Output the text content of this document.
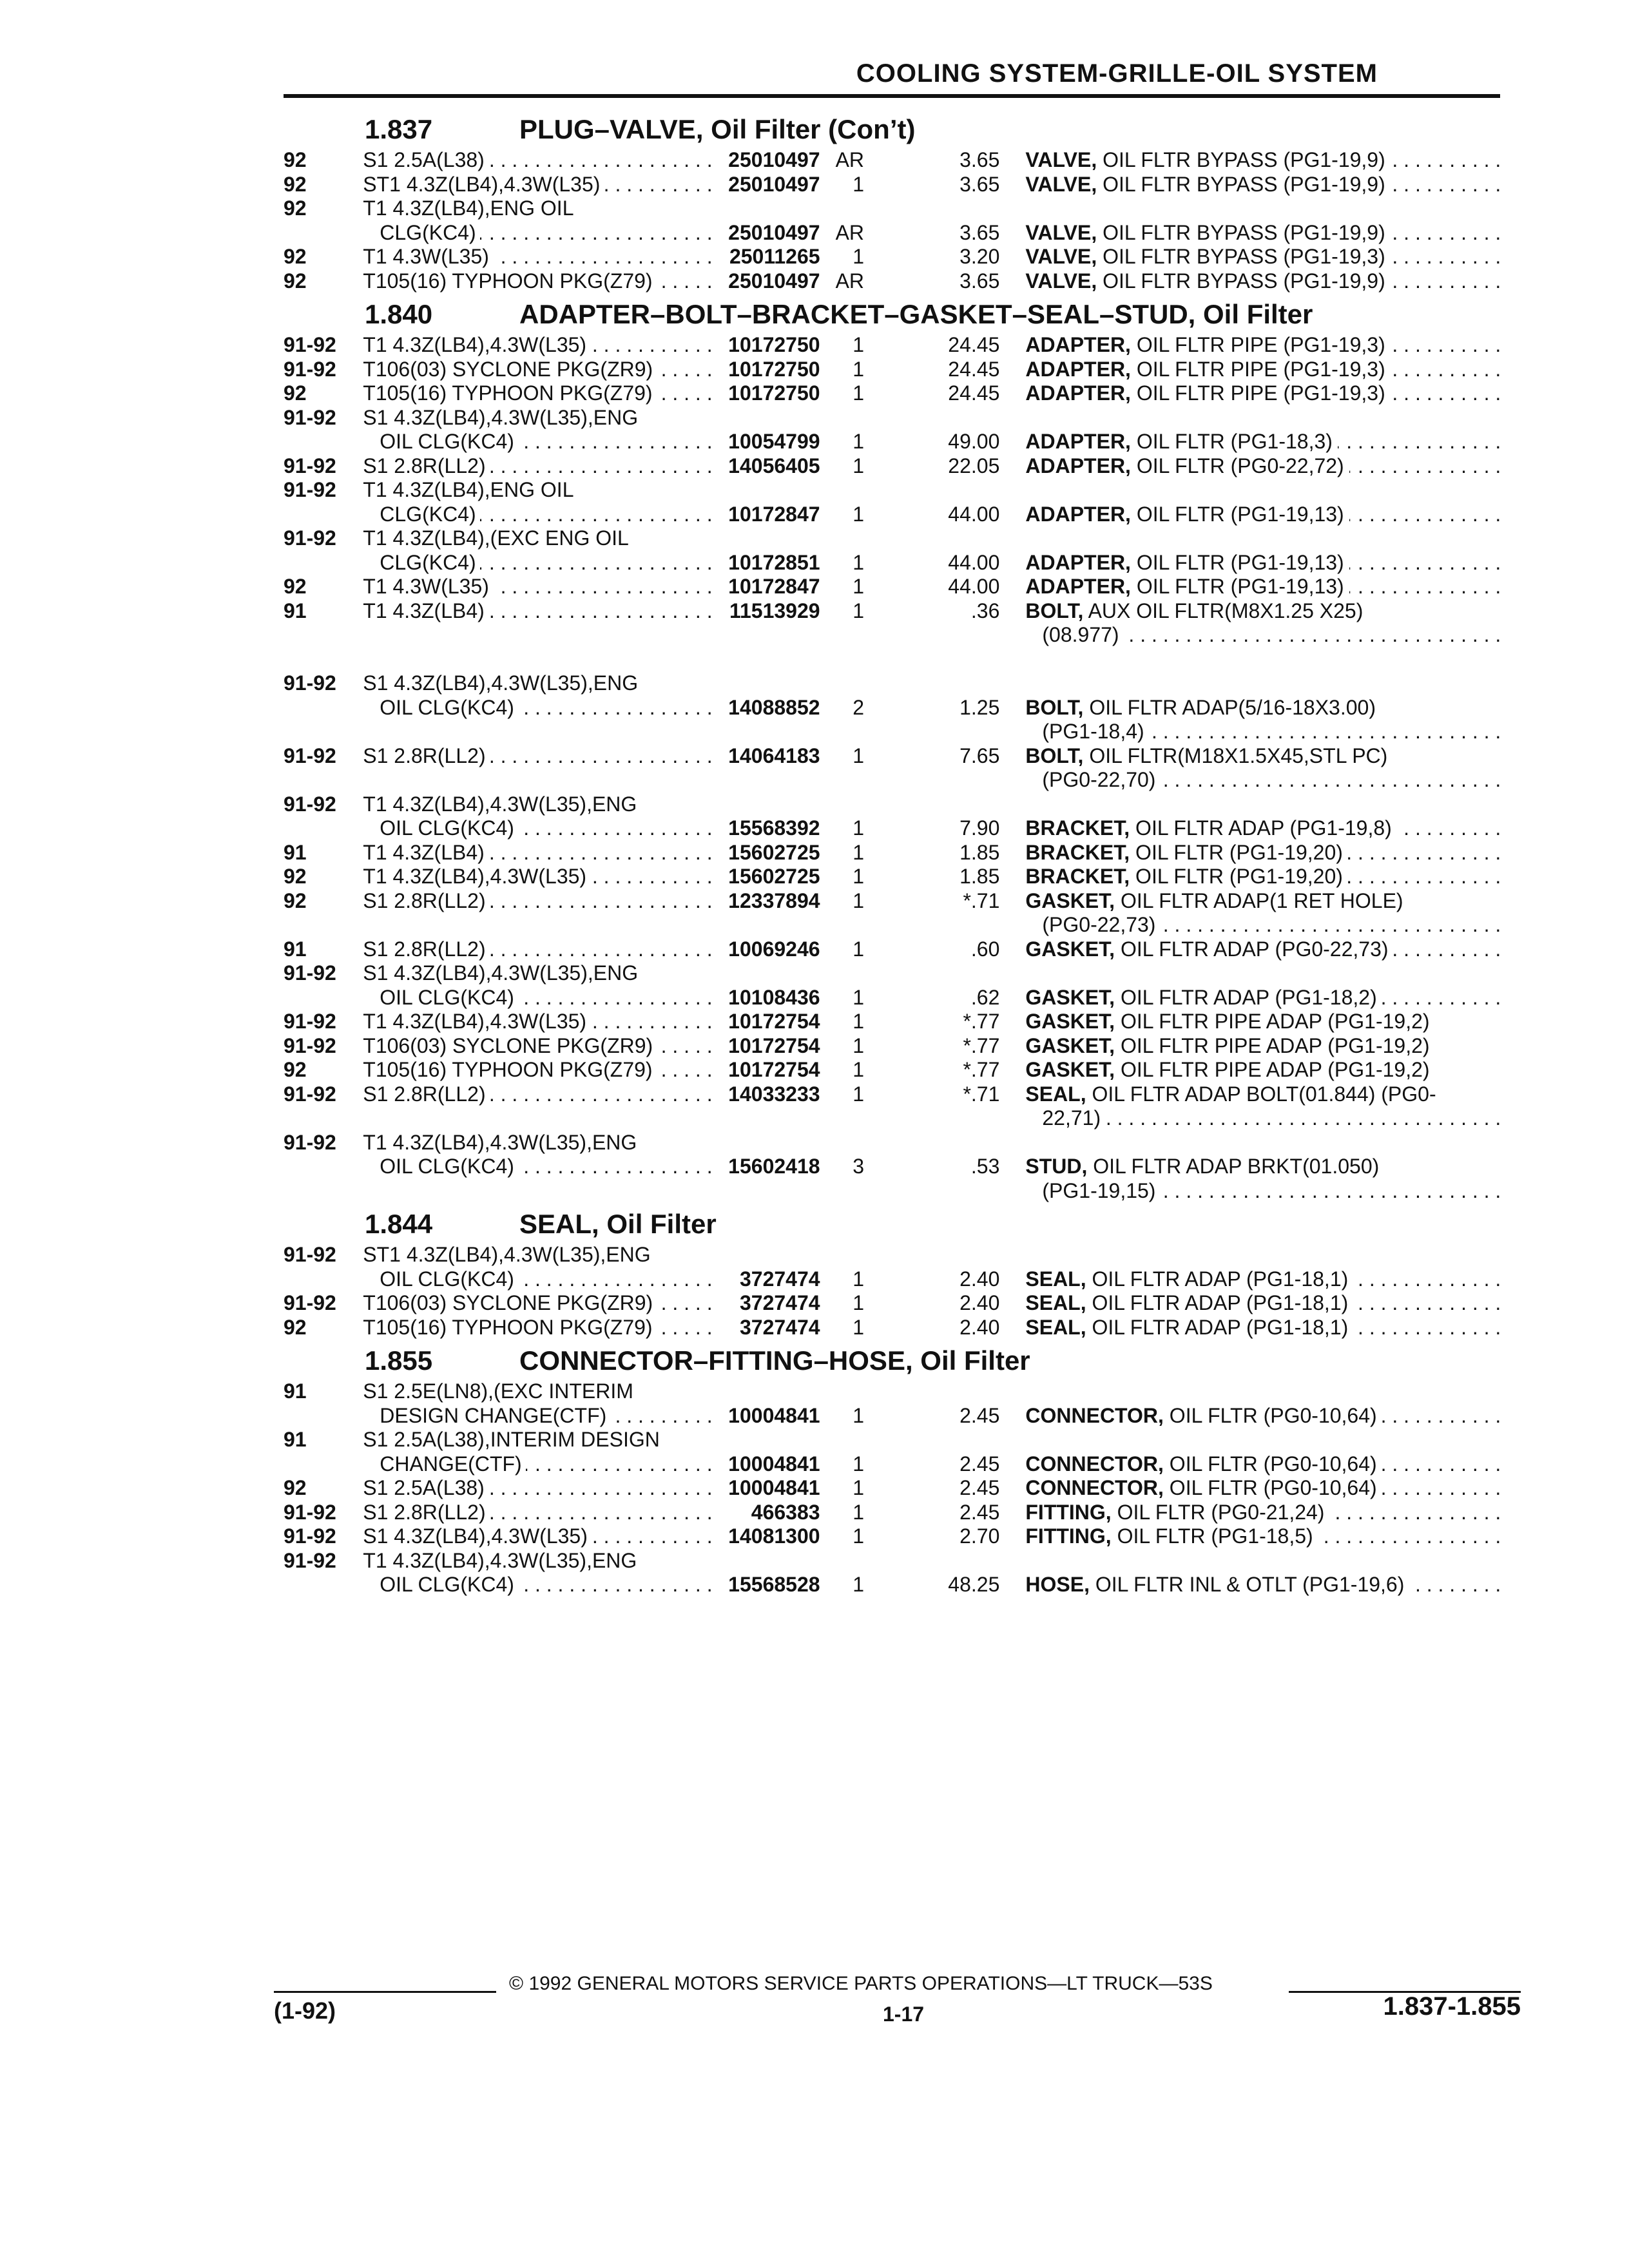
COOLING SYSTEM-GRILLE-OIL SYSTEM
1.837	PLUG–VALVE, Oil Filter (Con’t)
92	. . . S1 2.5A(L38)	25010497 AR	3.65 . . . VALVE, OIL FLTR BYPASS (PG1-19,9)
92	. . . ST1 4.3Z(LB4),4.3W(L35)	25010497	1	3.65 . . . VALVE, OIL FLTR BYPASS (PG1-19,9)
92	T1 4.3Z(LB4),ENG OIL
. . . CLG(KC4)	25010497 AR	3.65 . . . VALVE, OIL FLTR BYPASS (PG1-19,9)
92	. . . T1 4.3W(L35)	25011265	1	3.20 . . . VALVE, OIL FLTR BYPASS (PG1-19,3)
92	. . . T105(16) TYPHOON PKG(Z79)	25010497 AR	3.65 . . . VALVE, OIL FLTR BYPASS (PG1-19,9)
1.840	ADAPTER–BOLT–BRACKET–GASKET–SEAL–STUD, Oil Filter
91-92	. . . T1 4.3Z(LB4),4.3W(L35)	10172750	1	24.45 . . . ADAPTER, OIL FLTR PIPE (PG1-19,3)
91-92	. . . T106(03) SYCLONE PKG(ZR9)	10172750	1	24.45 . . . ADAPTER, OIL FLTR PIPE (PG1-19,3)
92	. . . T105(16) TYPHOON PKG(Z79)	10172750	1	24.45 . . . ADAPTER, OIL FLTR PIPE (PG1-19,3)
91-92	S1 4.3Z(LB4),4.3W(L35),ENG
. . . OIL CLG(KC4)	10054799	1	49.00 . . . ADAPTER, OIL FLTR (PG1-18,3)
91-92	. . . S1 2.8R(LL2)	14056405	1	22.05 . . . ADAPTER, OIL FLTR (PG0-22,72)
91-92	T1 4.3Z(LB4),ENG OIL
. . . CLG(KC4)	10172847	1	44.00 . . . ADAPTER, OIL FLTR (PG1-19,13)
91-92	T1 4.3Z(LB4),(EXC ENG OIL
. . . CLG(KC4)	10172851	1	44.00 . . . ADAPTER, OIL FLTR (PG1-19,13)
92	. . . T1 4.3W(L35)	10172847	1	44.00 . . . ADAPTER, OIL FLTR (PG1-19,13)
91	. . . T1 4.3Z(LB4)	11513929	1	.36 BOLT, AUX OIL FLTR(M8X1.25 X25)
. . . (08.977)
91-92	S1 4.3Z(LB4),4.3W(L35),ENG
. . . OIL CLG(KC4)	14088852	2	1.25 BOLT, OIL FLTR ADAP(5/16-18X3.00)
. . . (PG1-18,4)
91-92	. . . S1 2.8R(LL2)	14064183	1	7.65 BOLT, OIL FLTR(M18X1.5X45,STL PC)
. . . (PG0-22,70)
91-92	T1 4.3Z(LB4),4.3W(L35),ENG
. . . OIL CLG(KC4)	15568392	1	7.90 . . . BRACKET, OIL FLTR ADAP (PG1-19,8)
91	. . . T1 4.3Z(LB4)	15602725	1	1.85 . . . BRACKET, OIL FLTR (PG1-19,20)
92	. . . T1 4.3Z(LB4),4.3W(L35)	15602725	1	1.85 . . . BRACKET, OIL FLTR (PG1-19,20)
92	. . . S1 2.8R(LL2)	12337894	1	*.71 GASKET, OIL FLTR ADAP(1 RET HOLE)
. . . (PG0-22,73)
91	. . . S1 2.8R(LL2)	10069246	1	.60 . . . GASKET, OIL FLTR ADAP (PG0-22,73)
91-92	S1 4.3Z(LB4),4.3W(L35),ENG
. . . OIL CLG(KC4)	10108436	1	.62 . . . GASKET, OIL FLTR ADAP (PG1-18,2)
91-92	. . . T1 4.3Z(LB4),4.3W(L35)	10172754	1	*.77 GASKET, OIL FLTR PIPE ADAP (PG1-19,2)
91-92	. . . T106(03) SYCLONE PKG(ZR9)	10172754	1	*.77 GASKET, OIL FLTR PIPE ADAP (PG1-19,2)
92	. . . T105(16) TYPHOON PKG(Z79)	10172754	1	*.77 GASKET, OIL FLTR PIPE ADAP (PG1-19,2)
91-92	. . . S1 2.8R(LL2)	14033233	1	*.71 SEAL, OIL FLTR ADAP BOLT(01.844) (PG0-
. . . 22,71)
91-92	T1 4.3Z(LB4),4.3W(L35),ENG
. . . OIL CLG(KC4)	15602418	3	.53 STUD, OIL FLTR ADAP BRKT(01.050)
. . . (PG1-19,15)
1.844	SEAL, Oil Filter
91-92	ST1 4.3Z(LB4),4.3W(L35),ENG
. . . OIL CLG(KC4)	3727474	1	2.40 . . . SEAL, OIL FLTR ADAP (PG1-18,1)
91-92	. . . T106(03) SYCLONE PKG(ZR9)	3727474	1	2.40 . . . SEAL, OIL FLTR ADAP (PG1-18,1)
92	. . . T105(16) TYPHOON PKG(Z79)	3727474	1	2.40 . . . SEAL, OIL FLTR ADAP (PG1-18,1)
1.855	CONNECTOR–FITTING–HOSE, Oil Filter
91	S1 2.5E(LN8),(EXC INTERIM
. . . DESIGN CHANGE(CTF)	10004841	1	2.45 . . . CONNECTOR, OIL FLTR (PG0-10,64)
91	S1 2.5A(L38),INTERIM DESIGN
. . . CHANGE(CTF)	10004841	1	2.45 . . . CONNECTOR, OIL FLTR (PG0-10,64)
92	. . . S1 2.5A(L38)	10004841	1	2.45 . . . CONNECTOR, OIL FLTR (PG0-10,64)
91-92	. . . S1 2.8R(LL2)	466383	1	2.45 . . . FITTING, OIL FLTR (PG0-21,24)
91-92	. . . S1 4.3Z(LB4),4.3W(L35)	14081300	1	2.70 . . . FITTING, OIL FLTR (PG1-18,5)
91-92	T1 4.3Z(LB4),4.3W(L35),ENG
. . . OIL CLG(KC4)	15568528	1	48.25 . . . HOSE, OIL FLTR INL & OTLT (PG1-19,6)
© 1992 GENERAL MOTORS SERVICE PARTS OPERATIONS—LT TRUCK—53S
(1-92)	1-17	1.837-1.855
